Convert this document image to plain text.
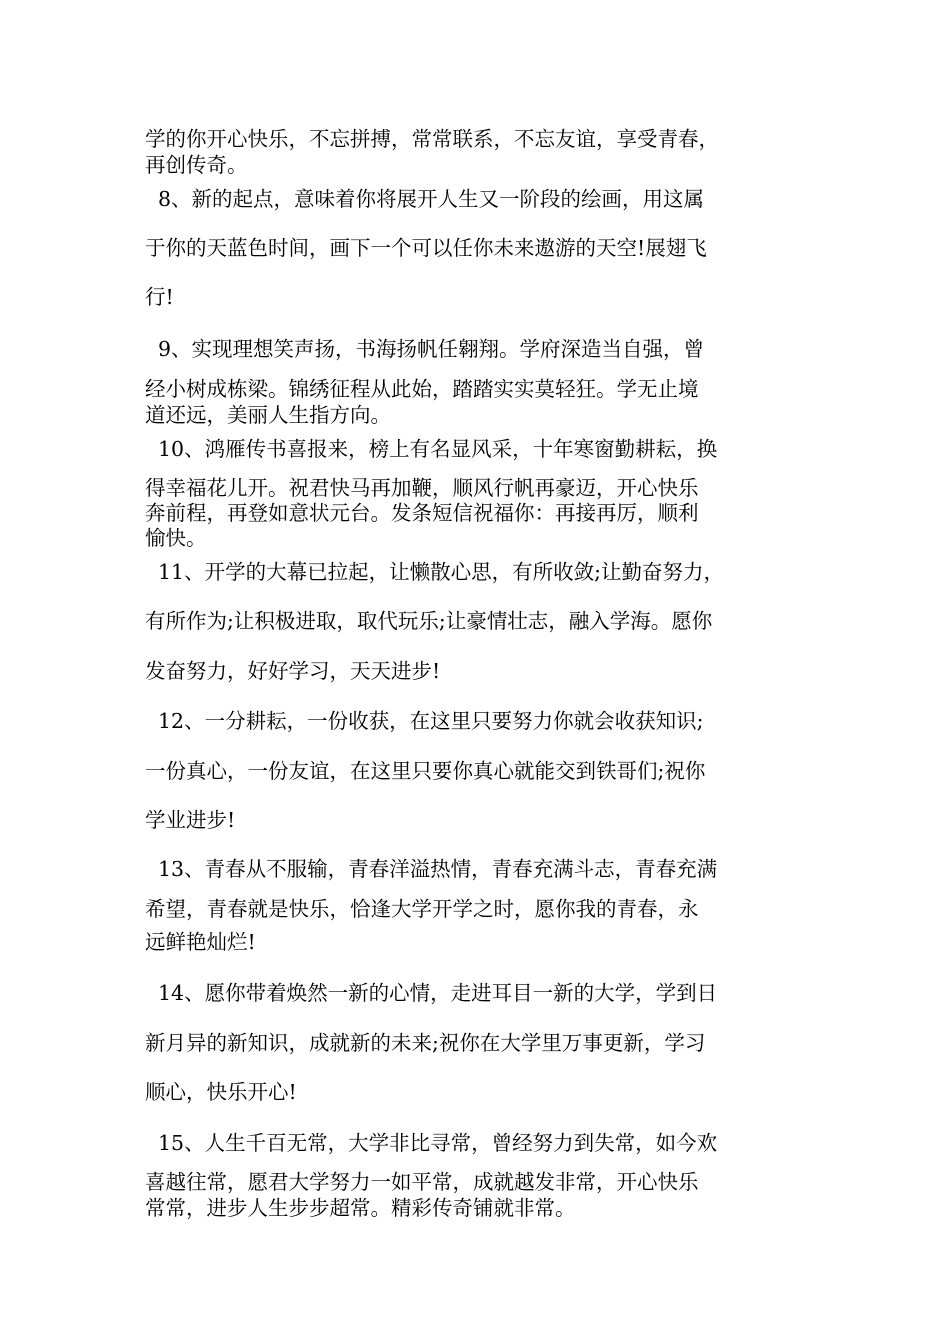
学的你开心快乐，不忘拼搏，常常联系，不忘友谊，享受青春，

再创传奇。

8、新的起点，意味着你将展开人生又一阶段的绘画，用这属

于你的天蓝色时间，画下一个可以任你未来遨游的天空!展翅飞

行!

9、实现理想笑声扬，书海扬帆任翱翔。学府深造当自强，曾

经小树成栋梁。锦绣征程从此始，踏踏实实莫轻狂。学无止境

道还远，美丽人生指方向。

10、鸿雁传书喜报来，榜上有名显风采，十年寒窗勤耕耘，换

得幸福花儿开。祝君快马再加鞭，顺风行帆再豪迈，开心快乐

奔前程，再登如意状元台。发条短信祝福你：再接再厉，顺利

愉快。

11、开学的大幕已拉起，让懒散心思，有所收敛;让勤奋努力，

有所作为;让积极进取，取代玩乐;让豪情壮志，融入学海。愿你

发奋努力，好好学习，天天进步!

12、一分耕耘，一份收获，在这里只要努力你就会收获知识;

一份真心，一份友谊，在这里只要你真心就能交到铁哥们;祝你

学业进步!

13、青春从不服输，青春洋溢热情，青春充满斗志，青春充满

希望，青春就是快乐，恰逢大学开学之时，愿你我的青春，永

远鲜艳灿烂!

14、愿你带着焕然一新的心情，走进耳目一新的大学，学到日

新月异的新知识，成就新的未来;祝你在大学里万事更新，学习

顺心，快乐开心!

15、人生千百无常，大学非比寻常，曾经努力到失常，如今欢

喜越往常，愿君大学努力一如平常，成就越发非常，开心快乐

常常，进步人生步步超常。精彩传奇铺就非常。
